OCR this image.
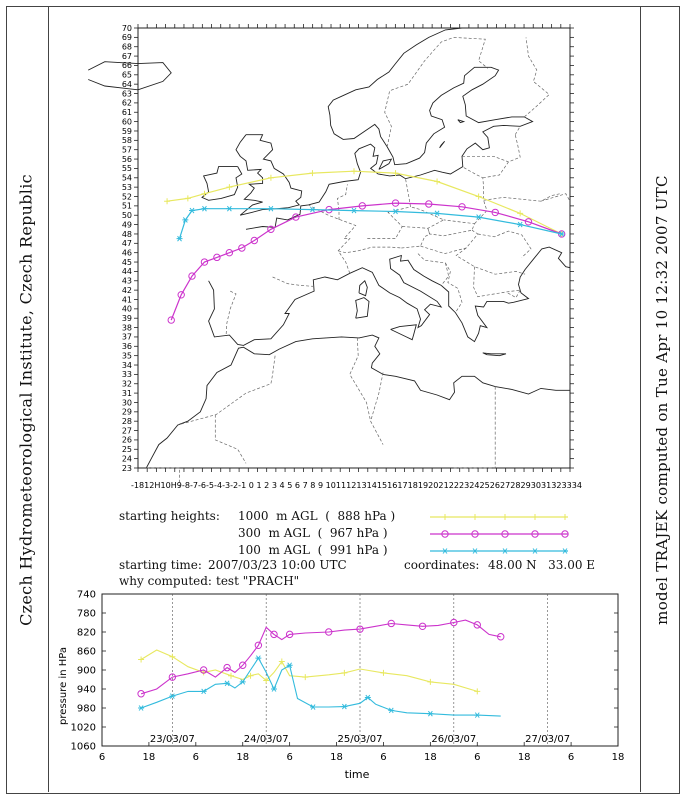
Czech Hydrometeorological Institute, Czech Republic	model TRAJEK computed on Tue Apr 10 12:32 2007 UTC
23
24
25
26
27
28
29
30
31
32
33
34
35
36
37
38
39
40
41
42
43
44
45
46
47
48
49
50
51
52
53
54
55
56
57
58
59
60
61
62
63
64
65
66
67
68
69
70
-1812H10H9-8-7-6-5-4-3-2-1 0 1 2 3 4 5 6 7 8 9 10111213141516171819202122232425262728293031323334
starting heights: 1000  m AGL  (  888 hPa )
300  m AGL  (  967 hPa )
100  m AGL  (  991 hPa )
starting time: 2007/03/23 10:00 UTC	coordinates: 48.00 N   33.00 E
why computed: test "PRACH"
740
780
820
860
900
940
980
1020
1060
6	18	6	18	6	18	6	18	6	18	6	18
23/03/07	24/03/07	25/03/07	26/03/07	27/03/07
pressure in HPa
time
